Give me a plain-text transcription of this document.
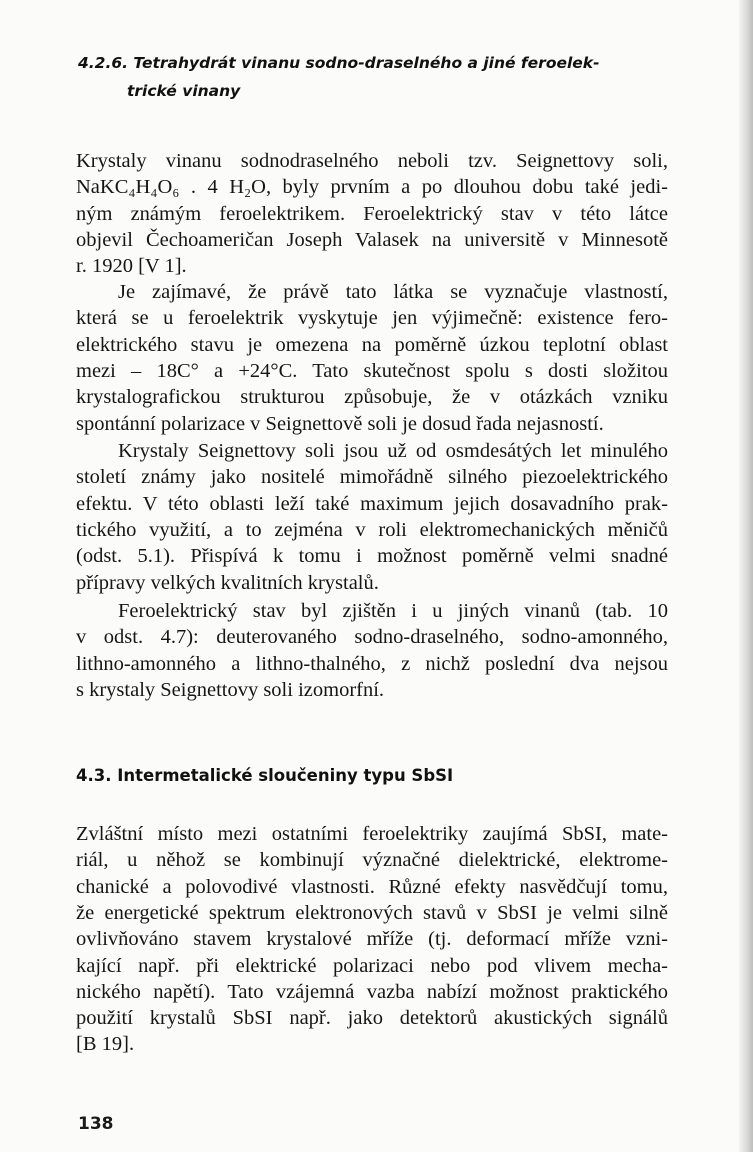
4.2.6. Tetrahydrát vinanu sodno-draselného a jiné feroelek-
trické vinany
Krystaly vinanu sodnodraselného neboli tzv. Seignettovy soli,
NaKC₄H₄O₆ . 4 H₂O, byly prvním a po dlouhou dobu také jedi-
ným známým feroelektrikem. Feroelektrický stav v této látce
objevil Čechoameričan Joseph Valasek na universitě v Minnesotě
r. 1920 [V 1].
Je zajímavé, že právě tato látka se vyznačuje vlastností,
která se u feroelektrik vyskytuje jen výjimečně: existence fero-
elektrického stavu je omezena na poměrně úzkou teplotní oblast
mezi – 18C° a +24°C. Tato skutečnost spolu s dosti složitou
krystalografickou strukturou způsobuje, že v otázkách vzniku
spontánní polarizace v Seignettově soli je dosud řada nejasností.
Krystaly Seignettovy soli jsou už od osmdesátých let minulého
století známy jako nositelé mimořádně silného piezoelektrického
efektu. V této oblasti leží také maximum jejich dosavadního prak-
tického využití, a to zejména v roli elektromechanických měničů
(odst. 5.1). Přispívá k tomu i možnost poměrně velmi snadné
přípravy velkých kvalitních krystalů.
Feroelektrický stav byl zjištěn i u jiných vinanů (tab. 10
v odst. 4.7): deuterovaného sodno-draselného, sodno-amonného,
lithno-amonného a lithno-thalného, z nichž poslední dva nejsou
s krystaly Seignettovy soli izomorfní.
4.3. Intermetalické sloučeniny typu SbSI
Zvláštní místo mezi ostatními feroelektriky zaujímá SbSI, mate-
riál, u něhož se kombinují význačné dielektrické, elektrome-
chanické a polovodivé vlastnosti. Různé efekty nasvědčují tomu,
že energetické spektrum elektronových stavů v SbSI je velmi silně
ovlivňováno stavem krystalové mříže (tj. deformací mříže vzni-
kající např. při elektrické polarizaci nebo pod vlivem mecha-
nického napětí). Tato vzájemná vazba nabízí možnost praktického
použití krystalů SbSI např. jako detektorů akustických signálů
[B 19].
138
